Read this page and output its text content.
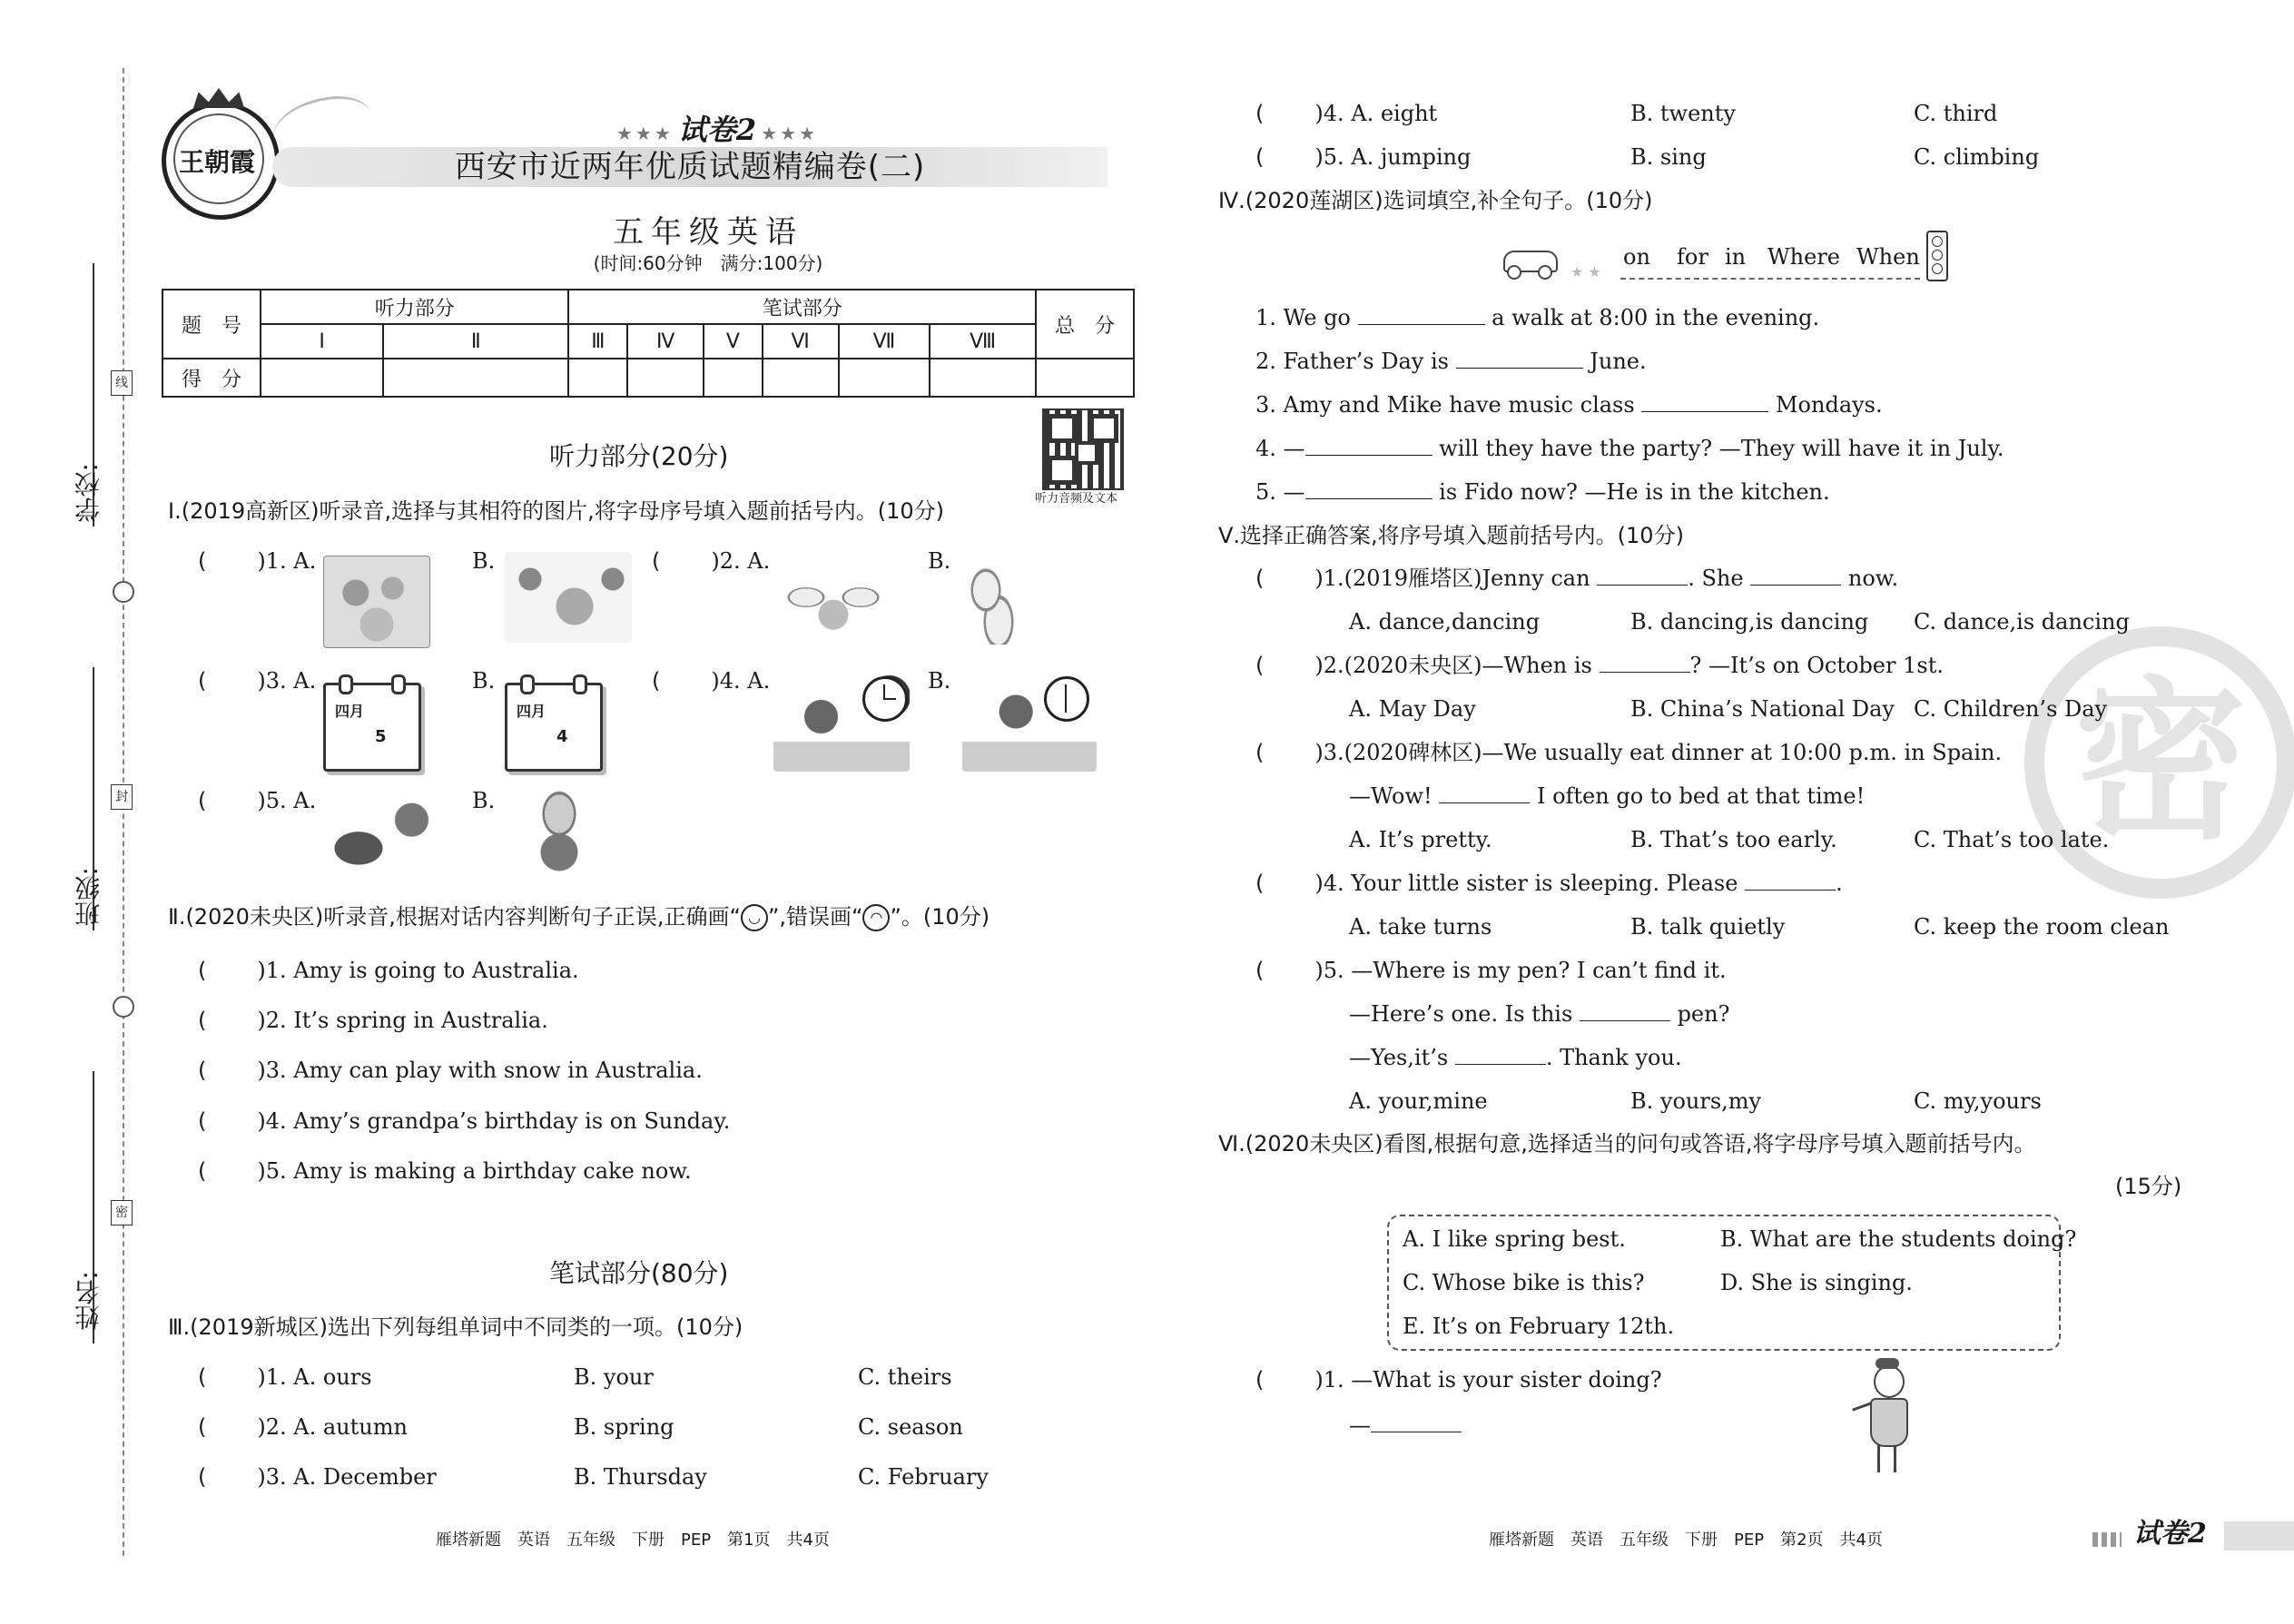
学校:
班级:
姓名:
线
封
密
王朝霞
★★★ 试卷2 ★★★
西安市近两年优质试题精编卷(二)
五年级英语
(时间:60分钟　满分:100分)
题　号	听力部分		笔试部分						总　分
	Ⅰ	Ⅱ	Ⅲ	Ⅳ	Ⅴ	Ⅵ	Ⅶ	Ⅷ	
得　分									
听力音频及文本
听力部分(20分)
Ⅰ.(2019高新区)听录音,选择与其相符的图片,将字母序号填入题前括号内。(10分)
( )1. A.	B.	( )2. A.	B.
( )3. A.
四月
5
B.
四月
4
( )4. A.	B.
( )5. A.	B.
Ⅱ.(2020未央区)听录音,根据对话内容判断句子正误,正确画“ ◡ ”,错误画“ ◠ ”。(10分)
( )1. Amy is going to Australia.
( )2. It’s spring in Australia.
( )3. Amy can play with snow in Australia.
( )4. Amy’s grandpa’s birthday is on Sunday.
( )5. Amy is making a birthday cake now.
笔试部分(80分)
Ⅲ.(2019新城区)选出下列每组单词中不同类的一项。(10分)
( )1. A. ours	B. your	C. theirs
( )2. A. autumn	B. spring	C. season
( )3. A. December	B. Thursday	C. February
雁塔新题　英语　五年级　下册　PEP　第1页　共4页
密
( )4. A. eight	B. twenty	C. third
( )5. A. jumping	B. sing	C. climbing
Ⅳ.(2020莲湖区)选词填空,补全句子。(10分)
★ ★
on for in Where When
1. We go	a walk at 8:00 in the evening.
2. Father’s Day is	June.
3. Amy and Mike have music class	Mondays.
4. —	will they have the party? —They will have it in July.
5. —	is Fido now? —He is in the kitchen.
Ⅴ.选择正确答案,将序号填入题前括号内。(10分)
( )1.(2019雁塔区)Jenny can	. She	now.
A. dance,dancing	B. dancing,is dancing C. dance,is dancing
( )2.(2020未央区)—When is	? —It’s on October 1st.
A. May Day	B. China’s National Day C. Children’s Day
( )3.(2020碑林区)—We usually eat dinner at 10:00 p.m. in Spain.
—Wow!	I often go to bed at that time!
A. It’s pretty.	B. That’s too early.	C. That’s too late.
( )4. Your little sister is sleeping. Please	.
A. take turns	B. talk quietly	C. keep the room clean
( )5. —Where is my pen? I can’t find it.
—Here’s one. Is this	pen?
—Yes,it’s	. Thank you.
A. your,mine	B. yours,my	C. my,yours
Ⅵ.(2020未央区)看图,根据句意,选择适当的问句或答语,将字母序号填入题前括号内。
(15分)
A. I like spring best.	B. What are the students doing?
C. Whose bike is this?	D. She is singing.
E. It’s on February 12th.
( )1. —What is your sister doing?
—
雁塔新题　英语　五年级　下册　PEP　第2页　共4页	试卷2
